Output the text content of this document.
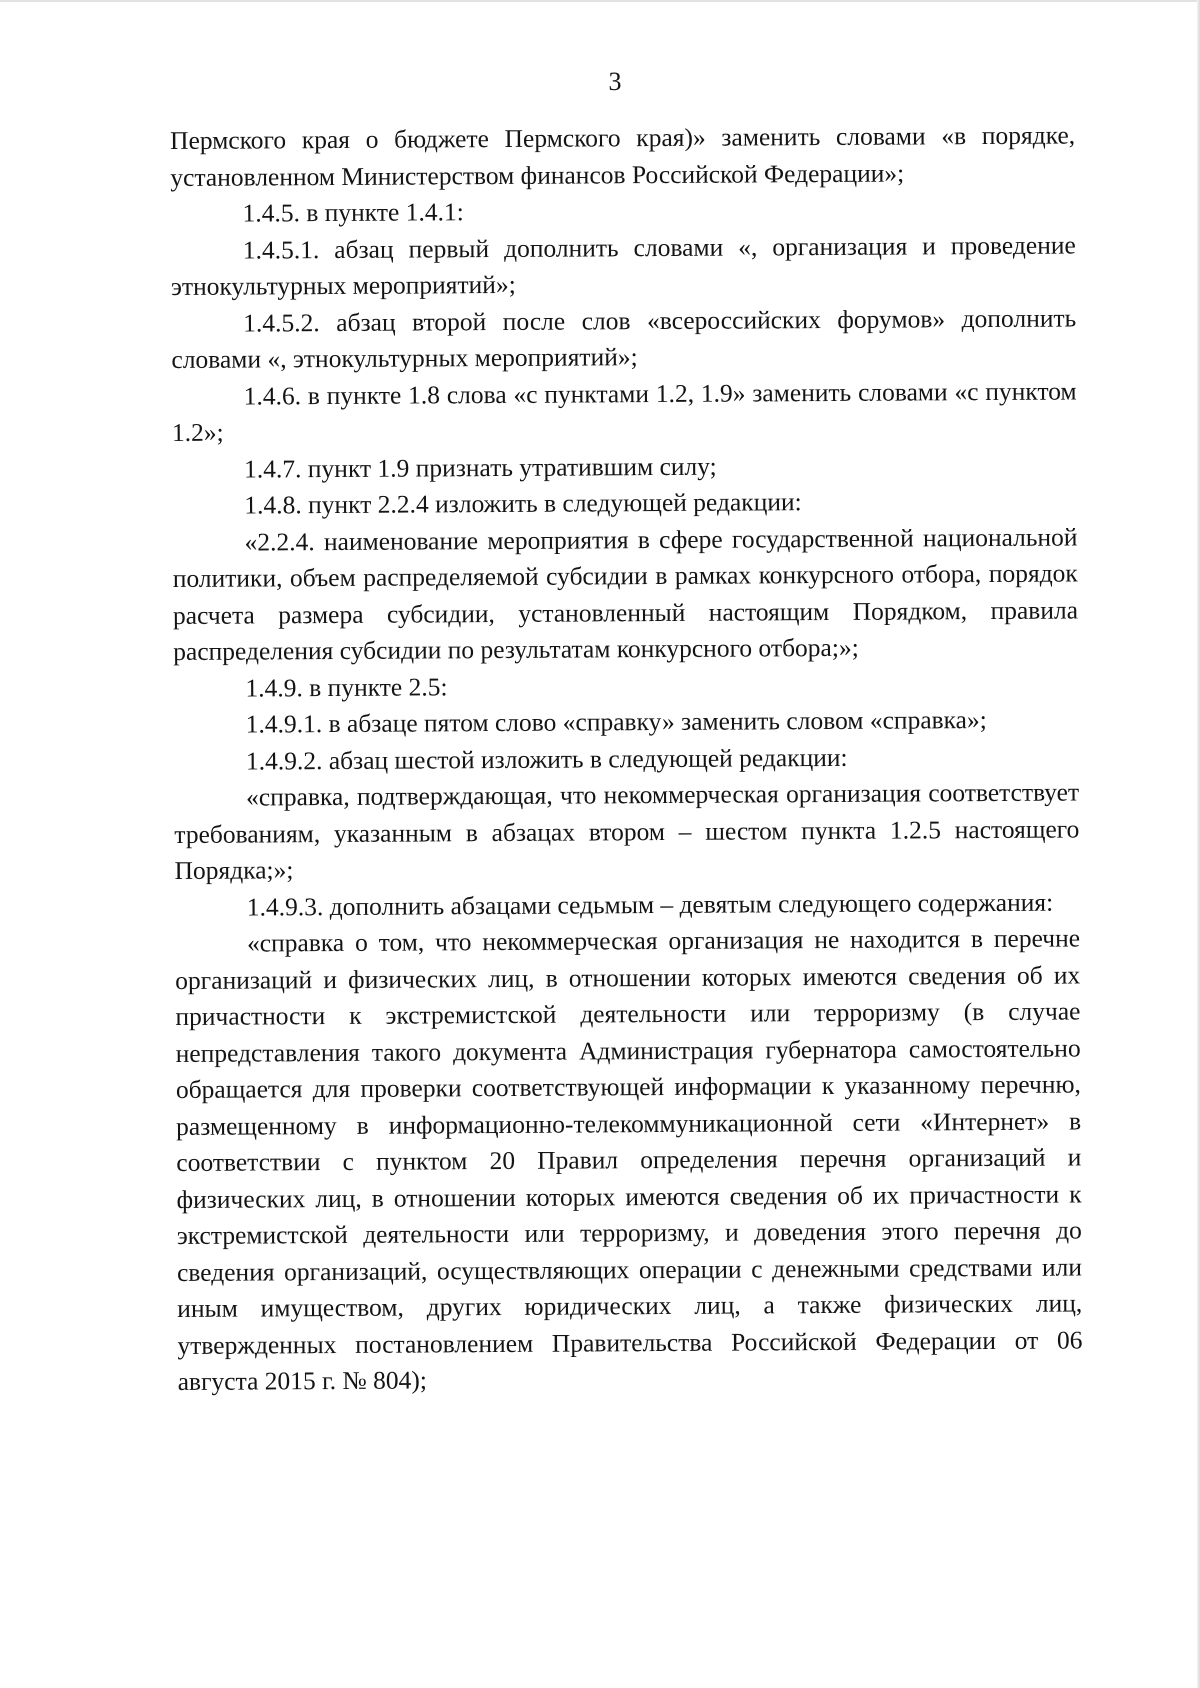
3

Пермского края о бюджете Пермского края)» заменить словами «в порядке, установленном Министерством финансов Российской Федерации»;

1.4.5. в пункте 1.4.1:

1.4.5.1. абзац первый дополнить словами «, организация и проведение этнокультурных мероприятий»;

1.4.5.2. абзац второй после слов «всероссийских форумов» дополнить словами «, этнокультурных мероприятий»;

1.4.6. в пункте 1.8 слова «с пунктами 1.2, 1.9» заменить словами «с пунктом 1.2»;

1.4.7. пункт 1.9 признать утратившим силу;

1.4.8. пункт 2.2.4 изложить в следующей редакции:

«2.2.4. наименование мероприятия в сфере государственной национальной политики, объем распределяемой субсидии в рамках конкурсного отбора, порядок расчета размера субсидии, установленный настоящим Порядком, правила распределения субсидии по результатам конкурсного отбора;»;

1.4.9. в пункте 2.5:

1.4.9.1. в абзаце пятом слово «справку» заменить словом «справка»;

1.4.9.2. абзац шестой изложить в следующей редакции:

«справка, подтверждающая, что некоммерческая организация соответствует требованиям, указанным в абзацах втором – шестом пункта 1.2.5 настоящего Порядка;»;

1.4.9.3. дополнить абзацами седьмым – девятым следующего содержания:

«справка о том, что некоммерческая организация не находится в перечне организаций и физических лиц, в отношении которых имеются сведения об их причастности к экстремистской деятельности или терроризму (в случае непредставления такого документа Администрация губернатора самостоятельно обращается для проверки соответствующей информации к указанному перечню, размещенному в информационно-телекоммуникационной сети «Интернет» в соответствии с пунктом 20 Правил определения перечня организаций и физических лиц, в отношении которых имеются сведения об их причастности к экстремистской деятельности или терроризму, и доведения этого перечня до сведения организаций, осуществляющих операции с денежными средствами или иным имуществом, других юридических лиц, а также физических лиц, утвержденных постановлением Правительства Российской Федерации от 06 августа 2015 г. № 804);
